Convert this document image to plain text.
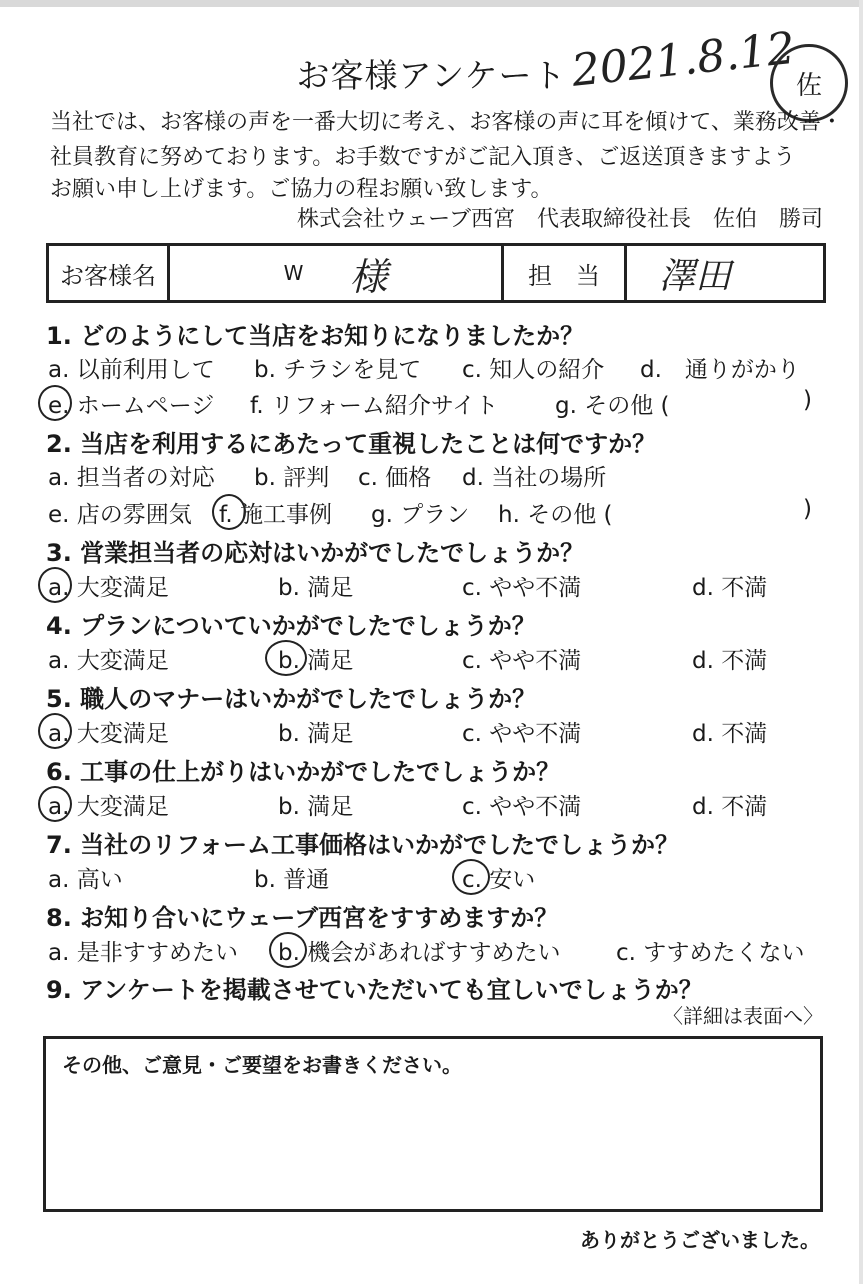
お客様アンケート 2021.8.12
佐
当社では、お客様の声を一番大切に考え、お客様の声に耳を傾けて、業務改善・
社員教育に努めております。お手数ですがご記入頂き、ご返送頂きますよう
お願い申し上げます。ご協力の程お願い致します。
株式会社ウェーブ西宮　代表取締役社長　佐伯　勝司
お客様名	W 様	担　当	澤田
1. どのようにして当店をお知りになりましたか？
a. 以前利用して b. チラシを見て c. 知人の紹介 d.　通りがかり
e. ホームページ f. リフォーム紹介サイト g. その他 (	)
2. 当店を利用するにあたって重視したことは何ですか？
a. 担当者の対応 b. 評判 c. 価格 d. 当社の場所
e. 店の雰囲気 f. 施工事例 g. プラン h. その他 (	)
3. 営業担当者の応対はいかがでしたでしょうか？
a. 大変満足	b. 満足	c. やや不満	d. 不満
4. プランについていかがでしたでしょうか？
a. 大変満足	b. 満足	c. やや不満	d. 不満
5. 職人のマナーはいかがでしたでしょうか？
a. 大変満足	b. 満足	c. やや不満	d. 不満
6. 工事の仕上がりはいかがでしたでしょうか？
a. 大変満足	b. 満足	c. やや不満	d. 不満
7. 当社のリフォーム工事価格はいかがでしたでしょうか？
a. 高い	b. 普通	c. 安い
8. お知り合いにウェーブ西宮をすすめますか？
a. 是非すすめたい b. 機会があればすすめたい c. すすめたくない
9. アンケートを掲載させていただいても宜しいでしょうか？
〈詳細は表面へ〉
その他、ご意見・ご要望をお書きください。
ありがとうございました。
